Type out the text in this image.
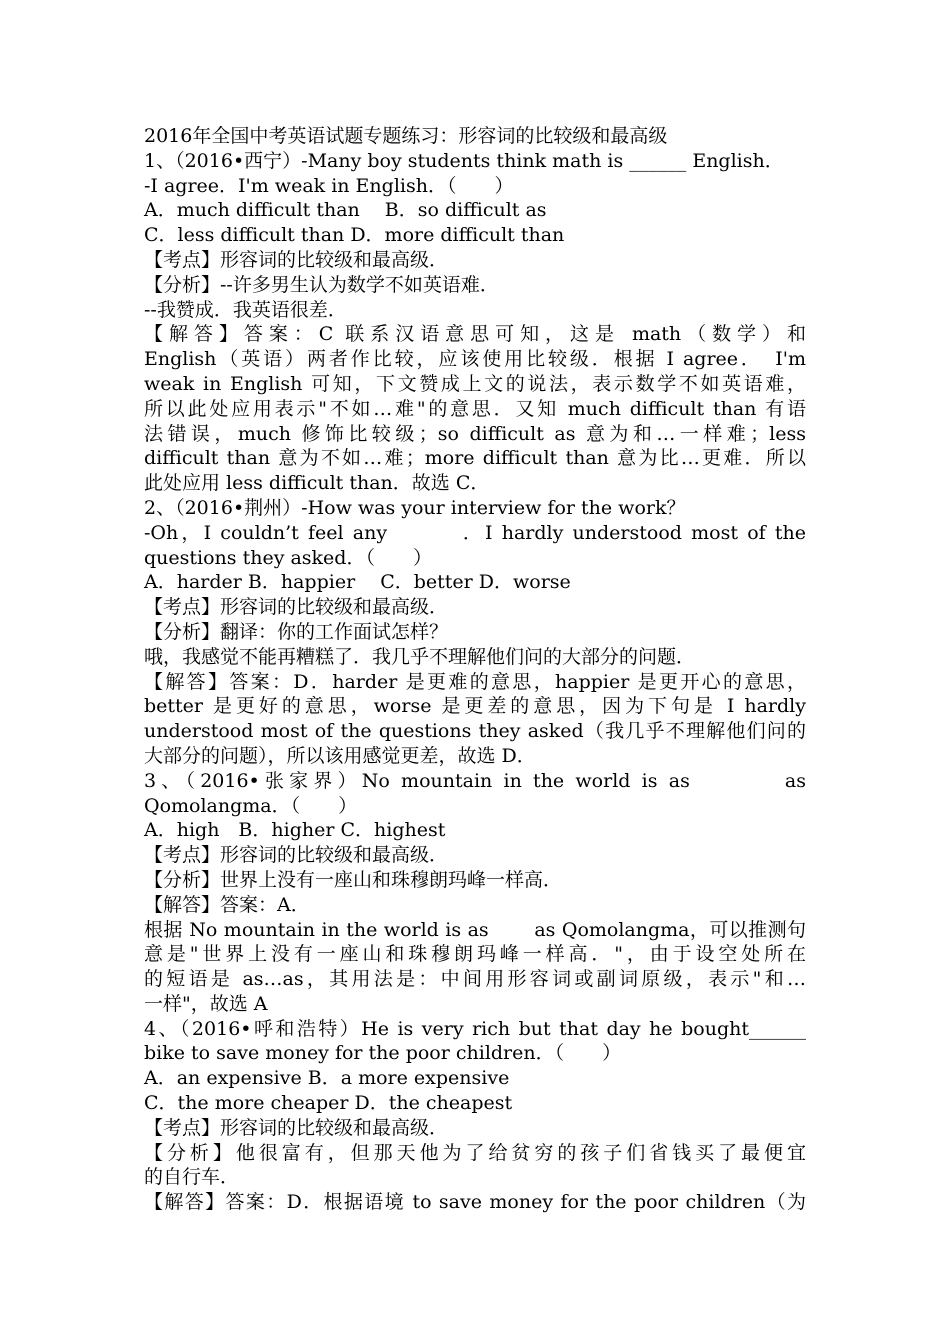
2016年全国中考英语试题专题练习：形容词的比较级和最高级
1、（2016•西宁）-Many boy students think math is ______ English．
-I agree．I'm weak in English．（　　）
A．much difficult than　 B．so difficult as
C．less difficult than D．more difficult than
【考点】形容词的比较级和最高级．
【分析】--许多男生认为数学不如英语难．
--我赞成．我英语很差．
【解答】答案：C 联系汉语意思可知，这是 math（数学）和
English（英语）两者作比较，应该使用比较级．根据 I agree．　I'm
weak in English 可知，下文赞成上文的说法，表示数学不如英语难，
所以此处应用表示"不如…难"的意思．又知 much difficult than 有语
法错误，much 修饰比较级；so difficult as 意为和…一样难；less
difficult than 意为不如…难；more difficult than 意为比…更难．所以
此处应用 less difficult than．故选 C．
2、（2016•荆州）-How was your interview for the work？
-Oh，I couldn’t feel any 　　　．I hardly understood most of the
questions they asked．（　　）
A．harder B．happier　 C．better D．worse
【考点】形容词的比较级和最高级．
【分析】翻译：你的工作面试怎样？
哦，我感觉不能再糟糕了．我几乎不理解他们问的大部分的问题．
【解答】答案：D．harder 是更难的意思，happier 是更开心的意思，
better 是更好的意思，worse 是更差的意思，因为下句是 I hardly
understood most of the questions they asked（我几乎不理解他们问的
大部分的问题），所以该用感觉更差，故选 D．
3、（2016•张家界）No mountain in the world is as 　　　 as
Qomolangma．（　　）
A．high　B．higher C．highest
【考点】形容词的比较级和最高级．
【分析】世界上没有一座山和珠穆朗玛峰一样高．
【解答】答案：A．
根据 No mountain in the world is as　　 as Qomolangma，可以推测句
意是"世界上没有一座山和珠穆朗玛峰一样高．"，由于设空处所在
的短语是 as…as，其用法是：中间用形容词或副词原级，表示"和…
一样"，故选 A
4、（2016•呼和浩特）He is very rich but that day he bought______
bike to save money for the poor children．（　　）
A．an expensive B．a more expensive
C．the more cheaper D．the cheapest
【考点】形容词的比较级和最高级．
【分析】他很富有，但那天他为了给贫穷的孩子们省钱买了最便宜
的自行车．
【解答】答案：D．根据语境 to save money for the poor children（为
